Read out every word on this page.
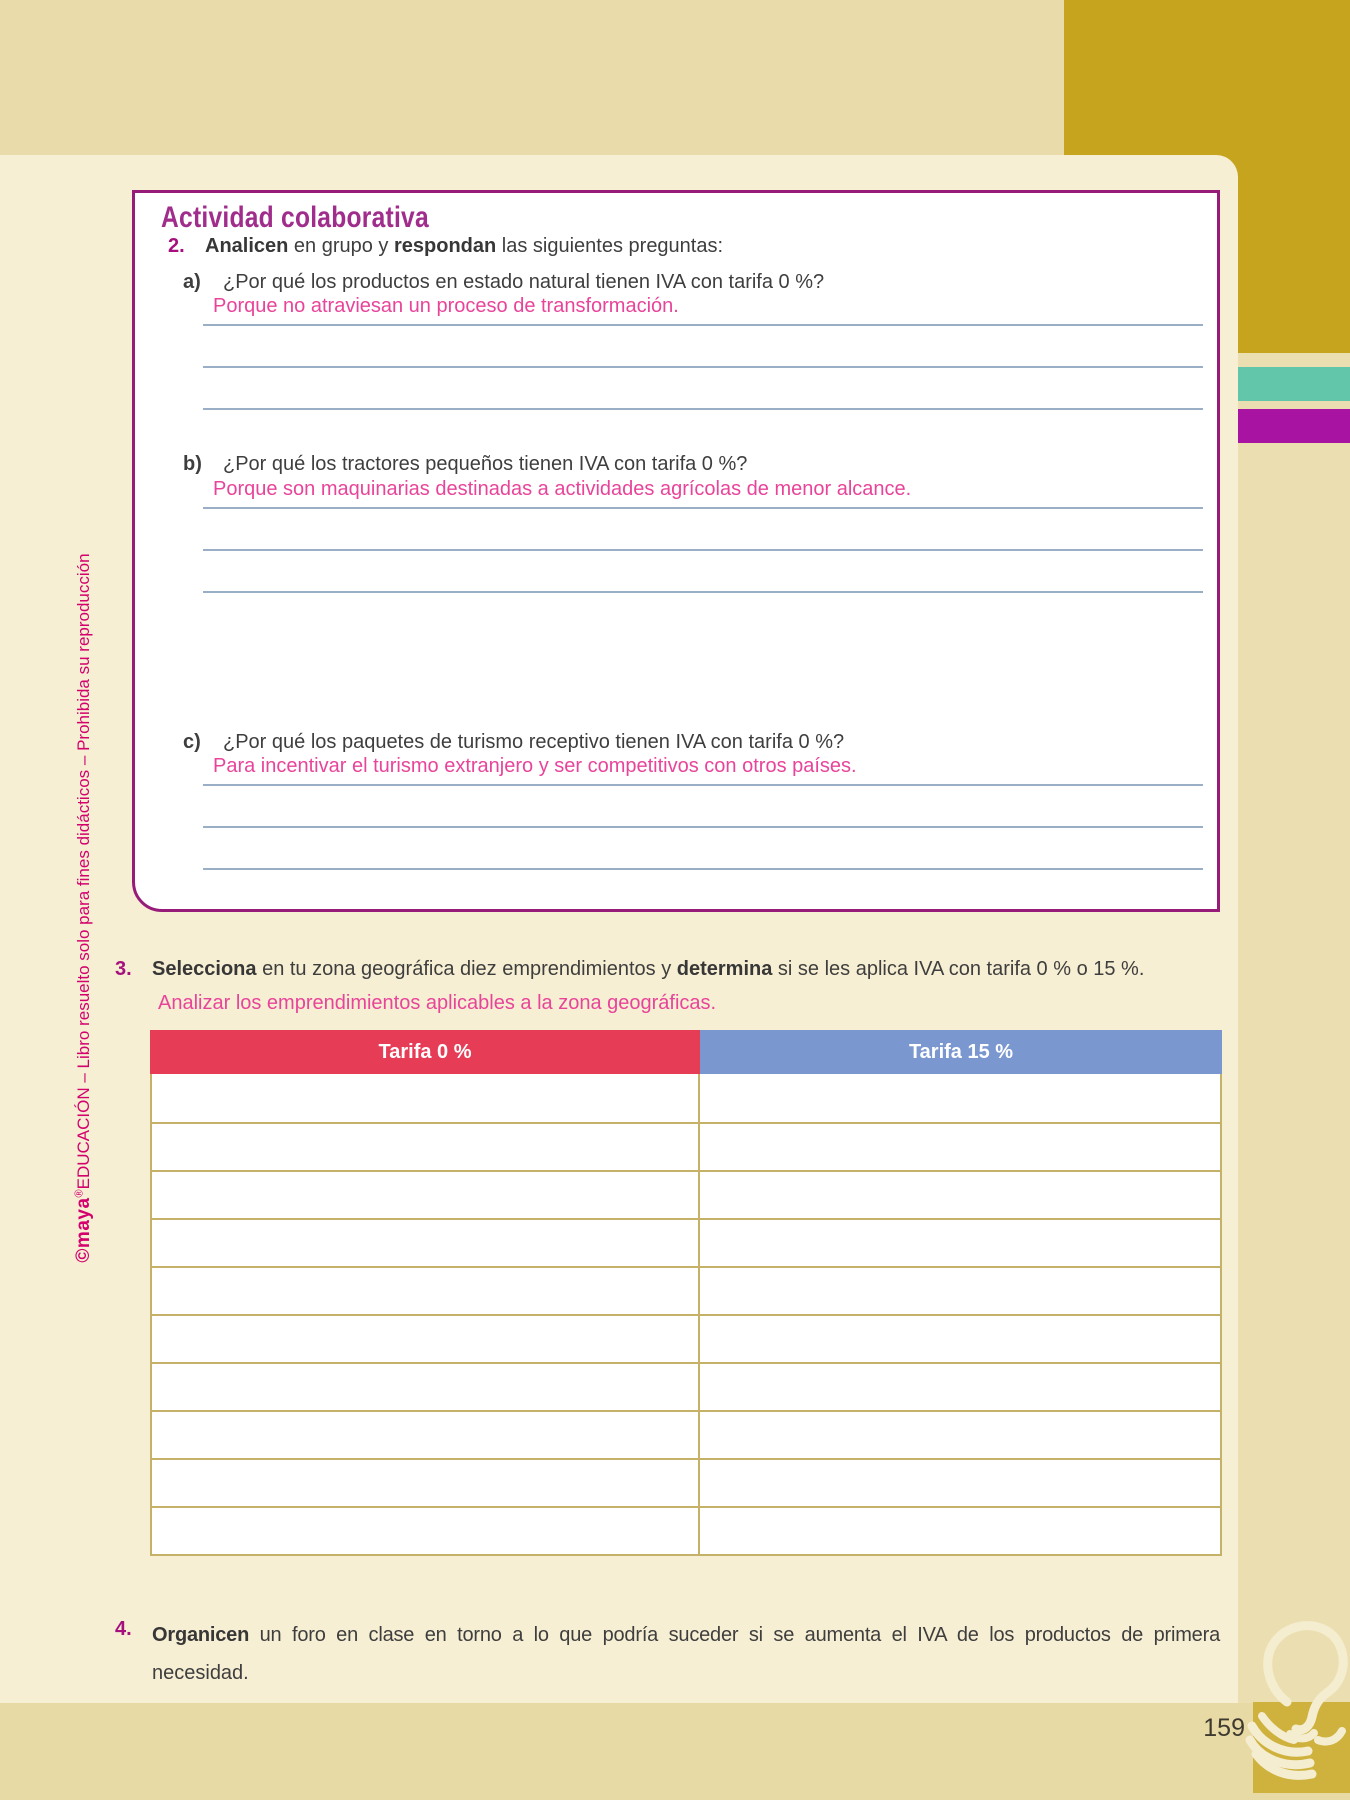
©maya®EDUCACIÓN – Libro resuelto solo para fines didácticos – Prohibida su reproducción
Actividad colaborativa
2.	Analicen en grupo y respondan las siguientes preguntas:
a)	¿Por qué los productos en estado natural tienen IVA con tarifa 0 %?
Porque no atraviesan un proceso de transformación.
b)	¿Por qué los tractores pequeños tienen IVA con tarifa 0 %?
Porque son maquinarias destinadas a actividades agrícolas de menor alcance.
c)	¿Por qué los paquetes de turismo receptivo tienen IVA con tarifa 0 %?
Para incentivar el turismo extranjero y ser competitivos con otros países.
3.	Selecciona en tu zona geográfica diez emprendimientos y determina si se les aplica IVA con tarifa 0 % o 15 %.
Analizar los emprendimientos aplicables a la zona geográficas.
Tarifa 0 %	Tarifa 15 %
4.	Organicen un foro en clase en torno a lo que podría suceder si se aumenta el IVA de los productos de primera
necesidad.
159
